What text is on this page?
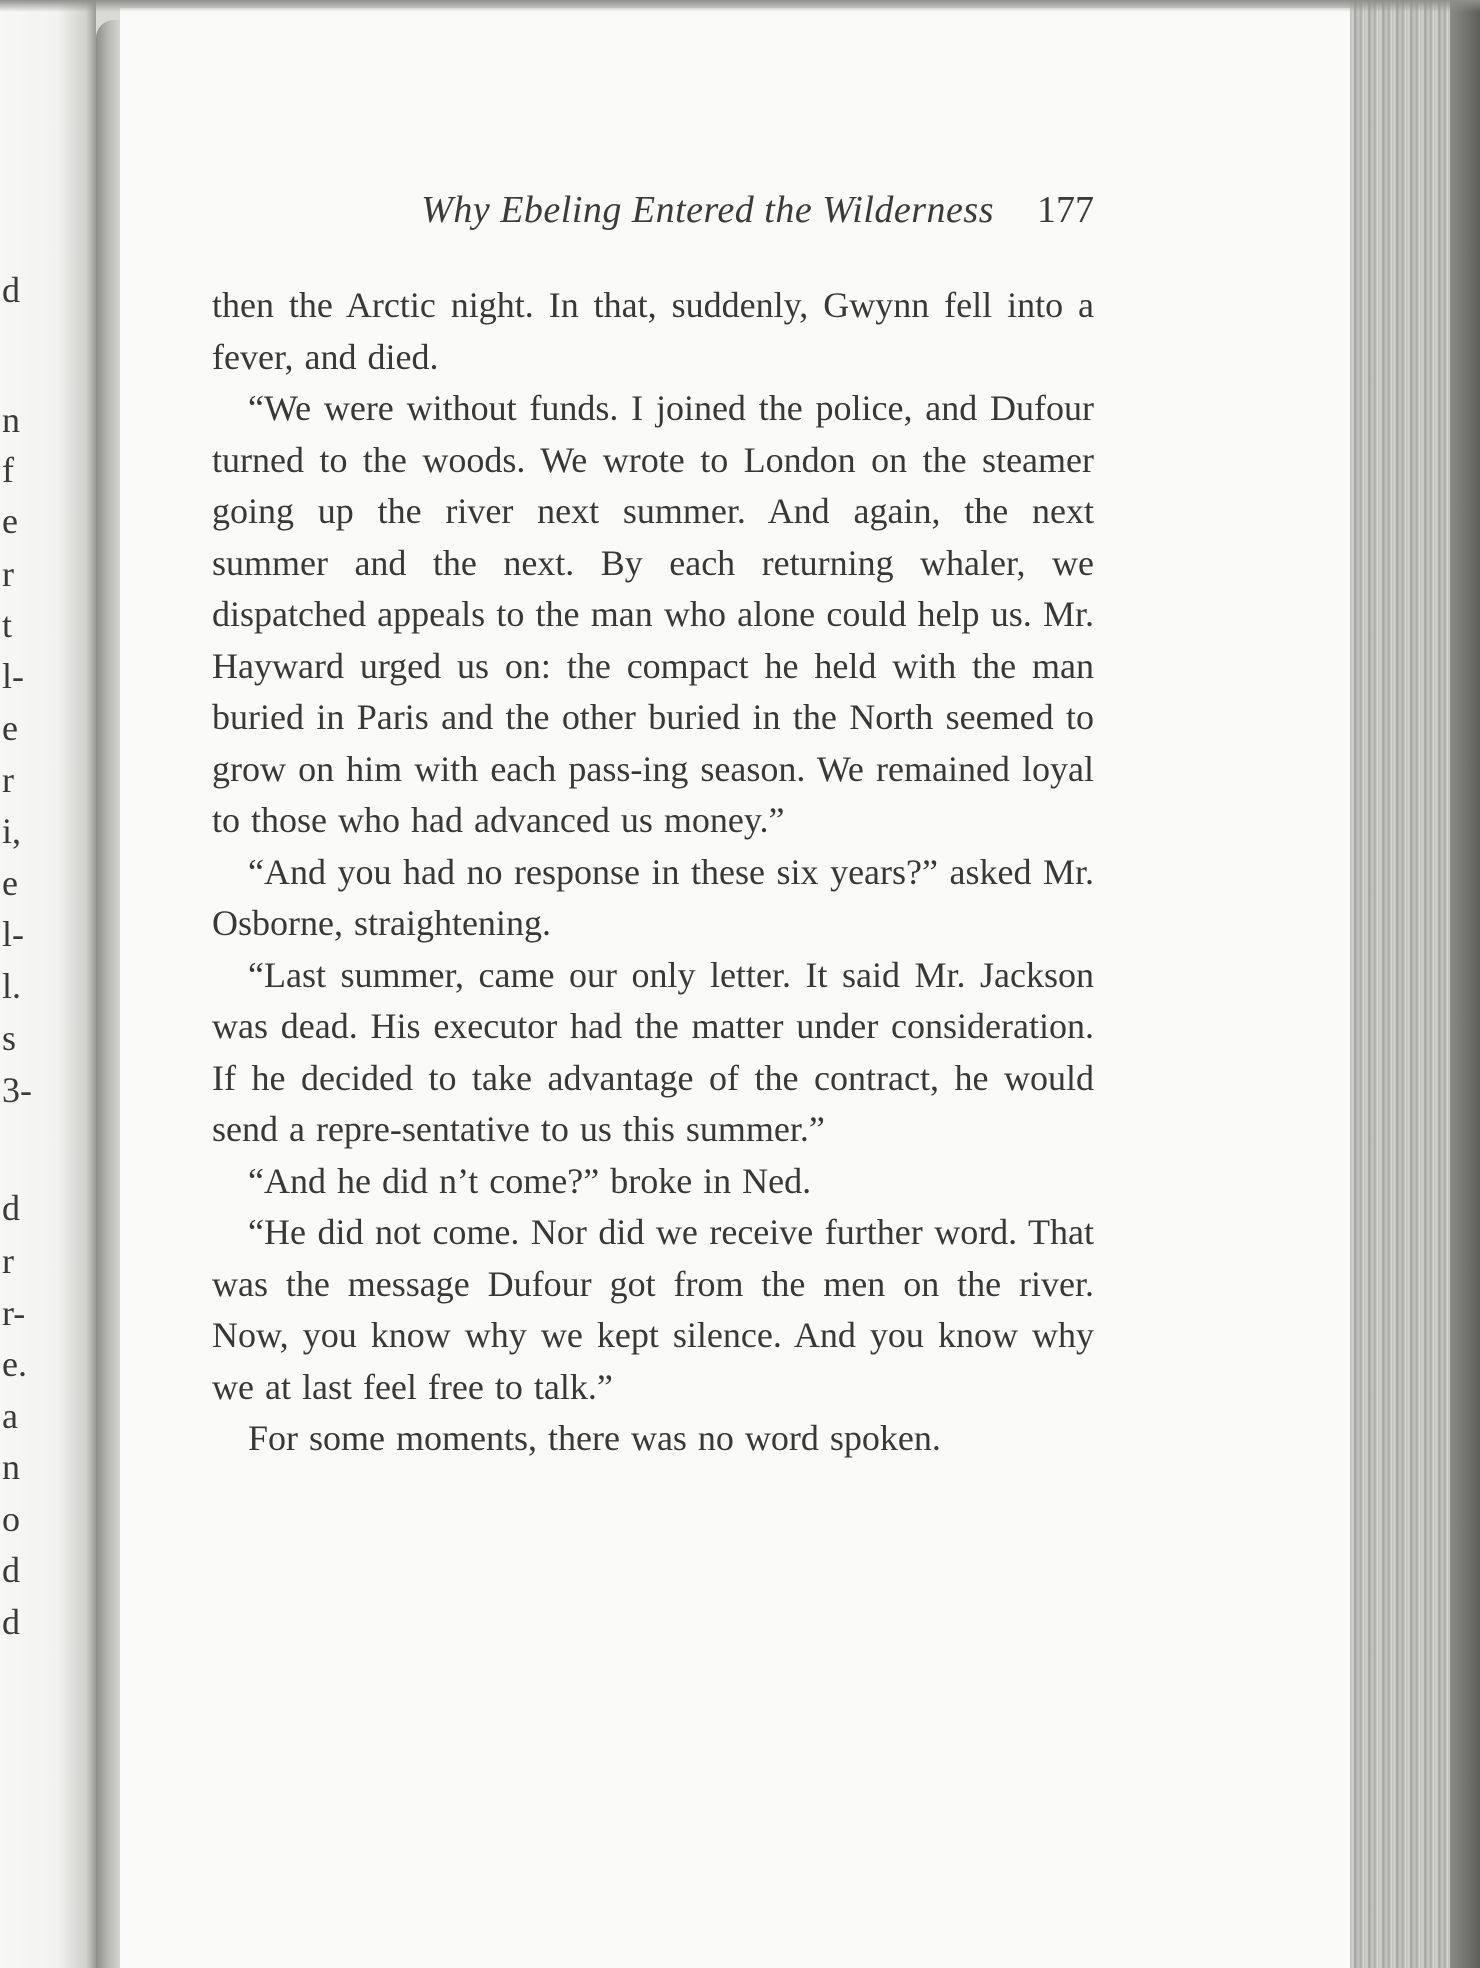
d
n
f
e
r
t
l-
e
r
i,
e
l-
l.
s
3-
d
r
r-
e.
a
n
o
d
d
Why Ebeling Entered the Wilderness 177

then the Arctic night. In that, suddenly, Gwynn fell into a fever, and died.

“We were without funds. I joined the police, and Dufour turned to the woods. We wrote to London on the steamer going up the river next summer. And again, the next summer and the next. By each returning whaler, we dispatched appeals to the man who alone could help us. Mr. Hayward urged us on: the compact he held with the man buried in Paris and the other buried in the North seemed to grow on him with each pass-ing season. We remained loyal to those who had advanced us money.”

“And you had no response in these six years?” asked Mr. Osborne, straightening.

“Last summer, came our only letter. It said Mr. Jackson was dead. His executor had the matter under consideration. If he decided to take advantage of the contract, he would send a repre-sentative to us this summer.”

“And he did n’t come?” broke in Ned.

“He did not come. Nor did we receive further word. That was the message Dufour got from the men on the river. Now, you know why we kept silence. And you know why we at last feel free to talk.”

For some moments, there was no word spoken.
